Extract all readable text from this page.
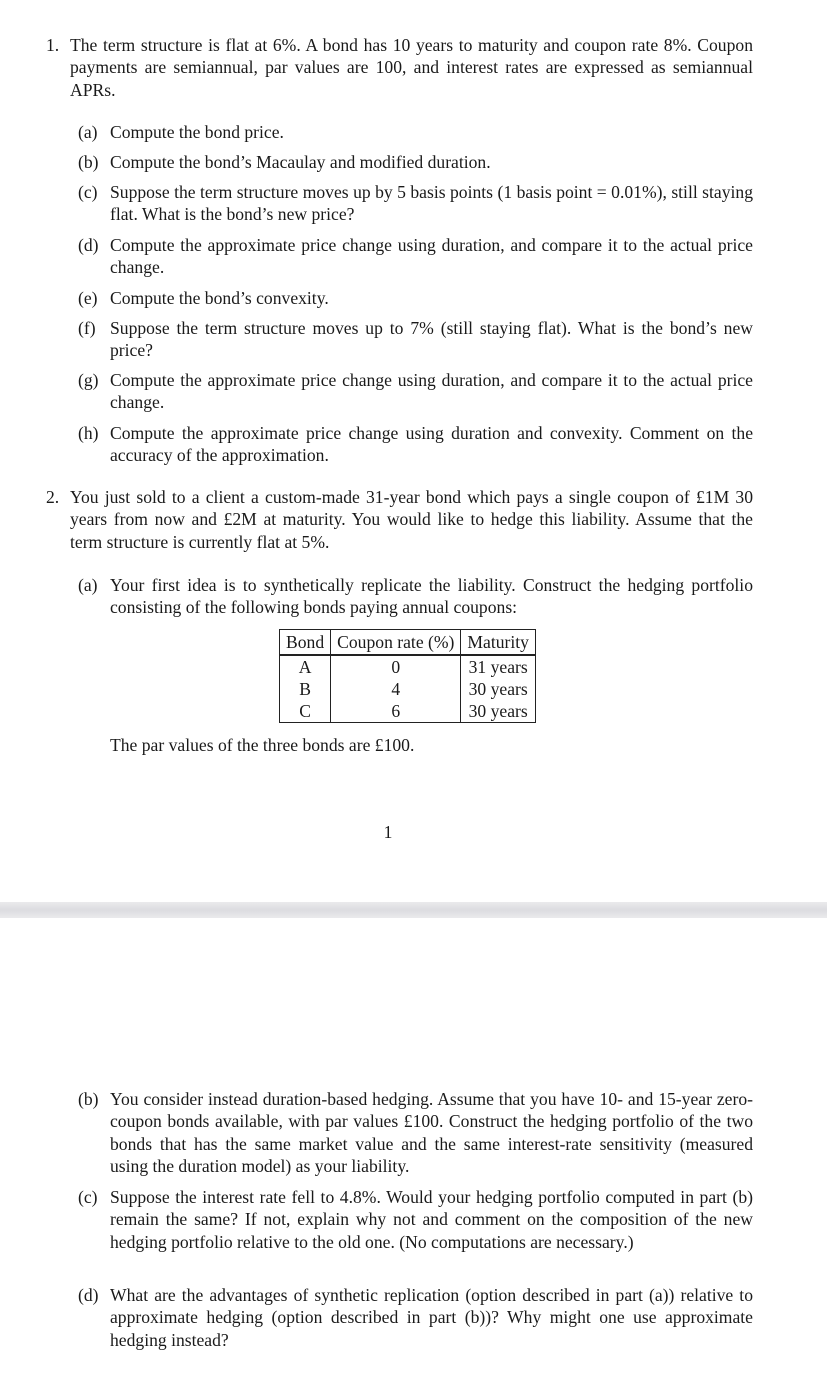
1. The term structure is flat at 6%. A bond has 10 years to maturity and coupon rate 8%. Coupon payments are semiannual, par values are 100, and interest rates are expressed as semiannual APRs.

(a) Compute the bond price.

(b) Compute the bond’s Macaulay and modified duration.

(c) Suppose the term structure moves up by 5 basis points (1 basis point = 0.01%), still staying flat. What is the bond’s new price?

(d) Compute the approximate price change using duration, and compare it to the actual price change.

(e) Compute the bond’s convexity.

(f) Suppose the term structure moves up to 7% (still staying flat). What is the bond’s new price?

(g) Compute the approximate price change using duration, and compare it to the actual price change.

(h) Compute the approximate price change using duration and convexity. Comment on the accuracy of the approximation.

2. You just sold to a client a custom-made 31-year bond which pays a single coupon of £1M 30 years from now and £2M at maturity. You would like to hedge this liability. Assume that the term structure is currently flat at 5%.

(a) Your first idea is to synthetically replicate the liability. Construct the hedging portfolio consisting of the following bonds paying annual coupons:

Bond	Coupon rate (%)	Maturity
A	0	31 years
B	4	30 years
C	6	30 years

The par values of the three bonds are £100.

1
(b) You consider instead duration-based hedging. Assume that you have 10- and 15-year zero-coupon bonds available, with par values £100. Construct the hedging portfolio of the two bonds that has the same market value and the same interest-rate sensitivity (measured using the duration model) as your liability.

(c) Suppose the interest rate fell to 4.8%. Would your hedging portfolio computed in part (b) remain the same? If not, explain why not and comment on the composition of the new hedging portfolio relative to the old one. (No computations are necessary.)

(d) What are the advantages of synthetic replication (option described in part (a)) relative to approximate hedging (option described in part (b))? Why might one use approximate hedging instead?
